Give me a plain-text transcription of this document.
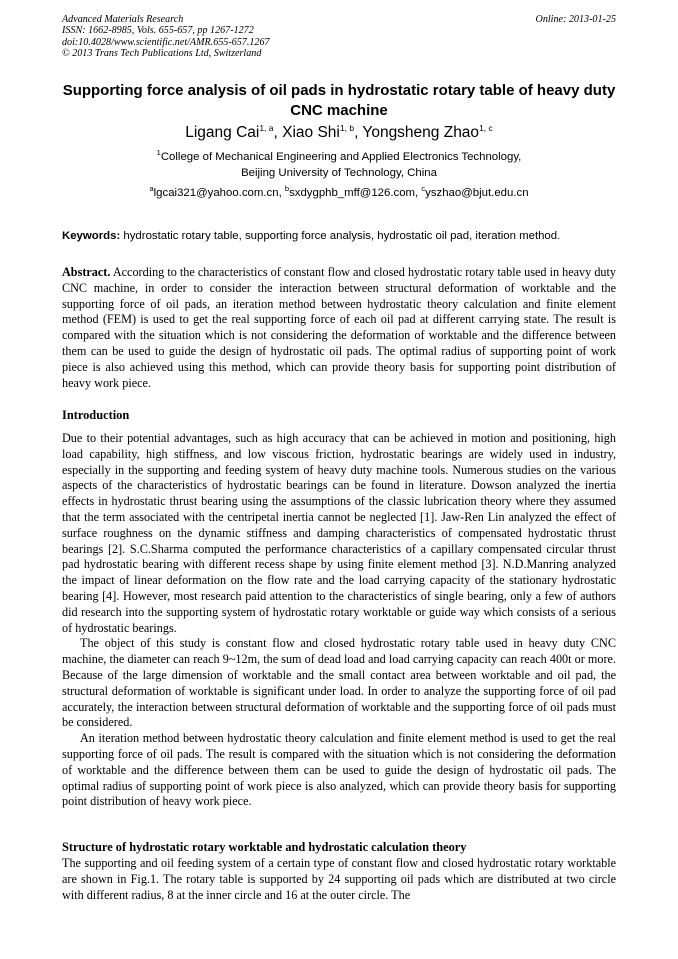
Advanced Materials Research
ISSN: 1662-8985, Vols. 655-657, pp 1267-1272
doi:10.4028/www.scientific.net/AMR.655-657.1267
© 2013 Trans Tech Publications Ltd, Switzerland
Online: 2013-01-25
Supporting force analysis of oil pads in hydrostatic rotary table of heavy duty CNC machine
Ligang Cai$^{1, a}$, Xiao Shi$^{1, b}$, Yongsheng Zhao$^{1, c}$
$^1$College of Mechanical Engineering and Applied Electronics Technology,
Beijing University of Technology, China
$^a$lgcai321@yahoo.com.cn, $^b$sxdygphb_mff@126.com, $^c$yszhao@bjut.edu.cn
Keywords: hydrostatic rotary table, supporting force analysis, hydrostatic oil pad, iteration method.
Abstract. According to the characteristics of constant flow and closed hydrostatic rotary table used in heavy duty CNC machine, in order to consider the interaction between structural deformation of worktable and the supporting force of oil pads, an iteration method between hydrostatic theory calculation and finite element method (FEM) is used to get the real supporting force of each oil pad at different carrying state. The result is compared with the situation which is not considering the deformation of worktable and the difference between them can be used to guide the design of hydrostatic oil pads. The optimal radius of supporting point of work piece is also achieved using this method, which can provide theory basis for supporting point distribution of heavy work piece.
Introduction

Due to their potential advantages, such as high accuracy that can be achieved in motion and positioning, high load capability, high stiffness, and low viscous friction, hydrostatic bearings are widely used in industry, especially in the supporting and feeding system of heavy duty machine tools. Numerous studies on the various aspects of the characteristics of hydrostatic bearings can be found in literature. Dowson analyzed the inertia effects in hydrostatic thrust bearing using the assumptions of the classic lubrication theory where they assumed that the term associated with the centripetal inertia cannot be neglected [1]. Jaw-Ren Lin analyzed the effect of surface roughness on the dynamic stiffness and damping characteristics of compensated hydrostatic thrust bearings [2]. S.C.Sharma computed the performance characteristics of a capillary compensated circular thrust pad hydrostatic bearing with different recess shape by using finite element method [3]. N.D.Manring analyzed the impact of linear deformation on the flow rate and the load carrying capacity of the stationary hydrostatic bearing [4]. However, most research paid attention to the characteristics of single bearing, only a few of authors did research into the supporting system of hydrostatic rotary worktable or guide way which consists of a serious of hydrostatic bearings.

The object of this study is constant flow and closed hydrostatic rotary table used in heavy duty CNC machine, the diameter can reach 9~12m, the sum of dead load and load carrying capacity can reach 400t or more. Because of the large dimension of worktable and the small contact area between worktable and oil pad, the structural deformation of worktable is significant under load. In order to analyze the supporting force of oil pad accurately, the interaction between structural deformation of worktable and the supporting force of oil pads must be considered.

An iteration method between hydrostatic theory calculation and finite element method is used to get the real supporting force of oil pads. The result is compared with the situation which is not considering the deformation of worktable and the difference between them can be used to guide the design of hydrostatic oil pads. The optimal radius of supporting point of work piece is also analyzed, which can provide theory basis for supporting point distribution of heavy work piece.

Structure of hydrostatic rotary worktable and hydrostatic calculation theory

The supporting and oil feeding system of a certain type of constant flow and closed hydrostatic rotary worktable are shown in Fig.1. The rotary table is supported by 24 supporting oil pads which are distributed at two circle with different radius, 8 at the inner circle and 16 at the outer circle. The
